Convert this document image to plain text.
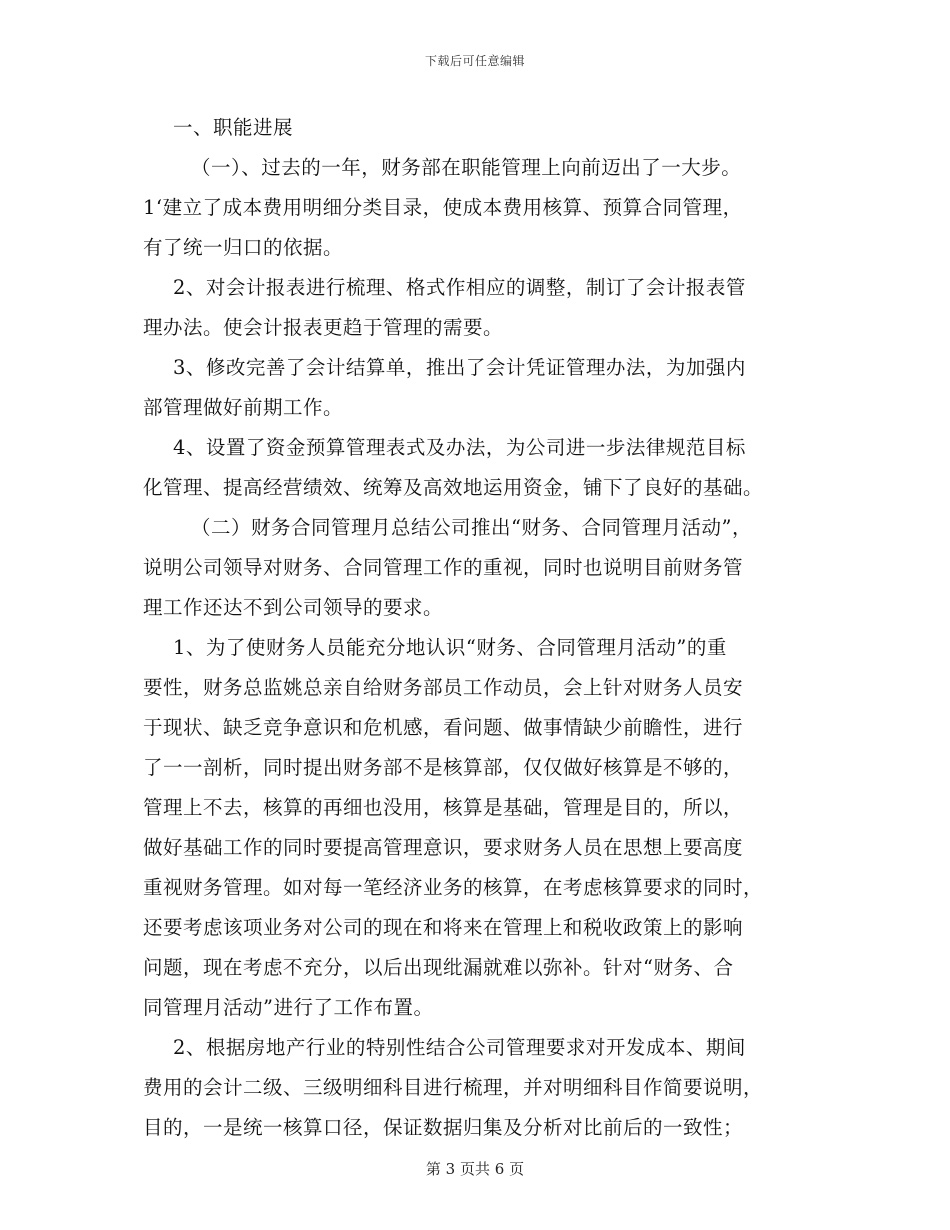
下载后可任意编辑
一、职能进展
（一）、过去的一年，财务部在职能管理上向前迈出了一大步。
1‘建立了成本费用明细分类目录，使成本费用核算、预算合同管理，
有了统一归口的依据。
2、对会计报表进行梳理、格式作相应的调整，制订了会计报表管
理办法。使会计报表更趋于管理的需要。
3、修改完善了会计结算单，推出了会计凭证管理办法，为加强内
部管理做好前期工作。
4、设置了资金预算管理表式及办法，为公司进一步法律规范目标
化管理、提高经营绩效、统筹及高效地运用资金，铺下了良好的基础。
（二）财务合同管理月总结公司推出“财务、合同管理月活动”，
说明公司领导对财务、合同管理工作的重视，同时也说明目前财务管
理工作还达不到公司领导的要求。
1、为了使财务人员能充分地认识“财务、合同管理月活动”的重
要性，财务总监姚总亲自给财务部员工作动员，会上针对财务人员安
于现状、缺乏竞争意识和危机感，看问题、做事情缺少前瞻性，进行
了一一剖析，同时提出财务部不是核算部，仅仅做好核算是不够的，
管理上不去，核算的再细也没用，核算是基础，管理是目的，所以，
做好基础工作的同时要提高管理意识，要求财务人员在思想上要高度
重视财务管理。如对每一笔经济业务的核算，在考虑核算要求的同时，
还要考虑该项业务对公司的现在和将来在管理上和税收政策上的影响
问题，现在考虑不充分，以后出现纰漏就难以弥补。针对“财务、合
同管理月活动”进行了工作布置。
2、根据房地产行业的特别性结合公司管理要求对开发成本、期间
费用的会计二级、三级明细科目进行梳理，并对明细科目作简要说明，
目的，一是统一核算口径，保证数据归集及分析对比前后的一致性；
第 3 页共 6 页
